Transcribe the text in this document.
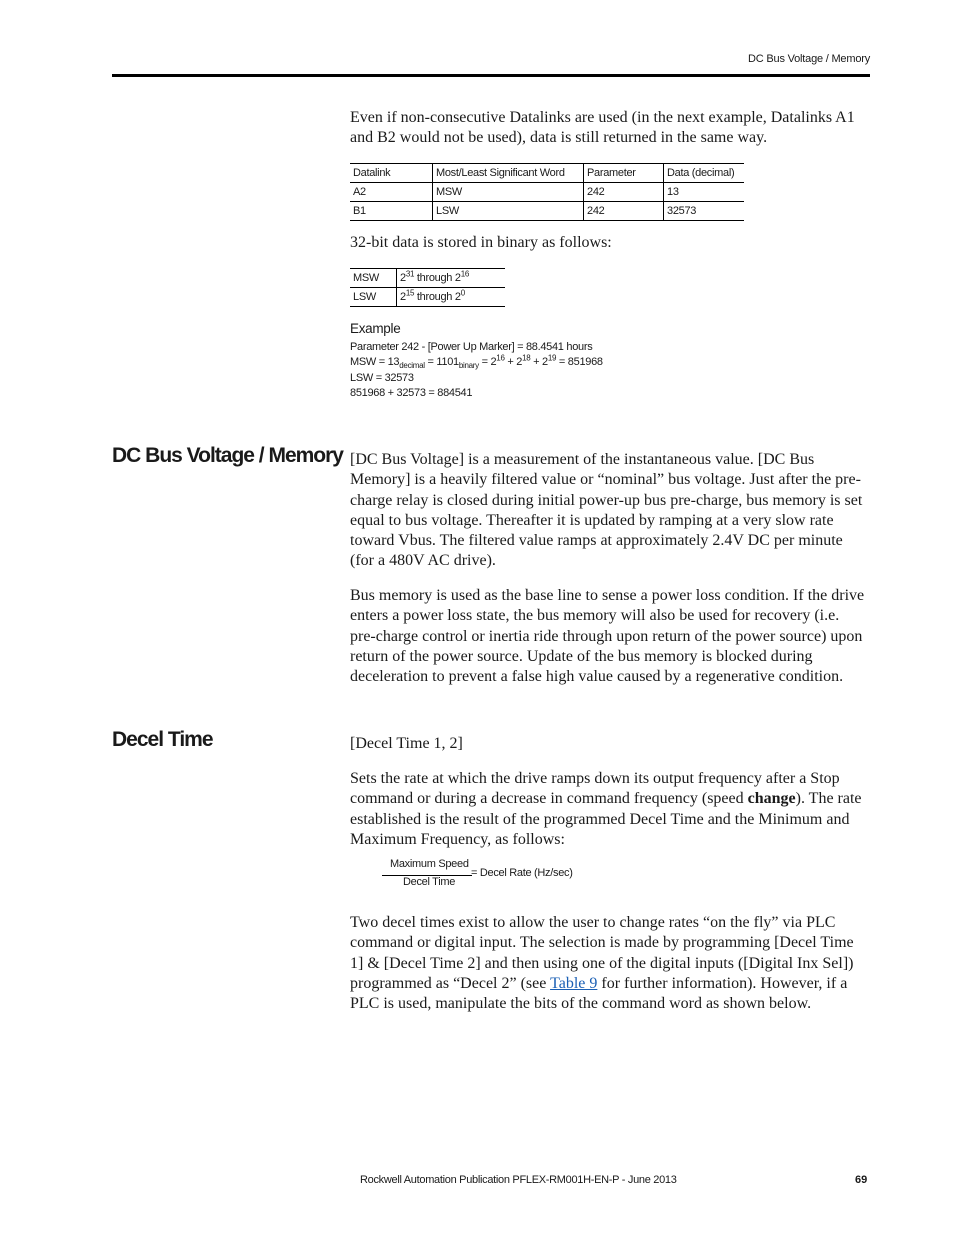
DC Bus Voltage / Memory

Even if non-consecutive Datalinks are used (in the next example, Datalinks A1 and B2 would not be used), data is still returned in the same way.

Datalink	Most/Least Significant Word	Parameter	Data (decimal)
A2	MSW	242	13
B1	LSW	242	32573

32-bit data is stored in binary as follows:

MSW	$2^{31}$ through $2^{16}$
LSW	$2^{15}$ through $2^0$
Example
Parameter 242 - [Power Up Marker] = 88.4541 hours
MSW = $13_{decimal} = 1101_{binary} = 2^{16} + 2^{18} + 2^{19} = 851968$
LSW = 32573
851968 + 32573 = 884541
DC Bus Voltage / Memory [DC Bus Voltage] is a measurement of the instantaneous value. [DC Bus Memory] is a heavily filtered value or “nominal” bus voltage. Just after the pre-charge relay is closed during initial power-up bus pre-charge, bus memory is set equal to bus voltage. Thereafter it is updated by ramping at a very slow rate toward Vbus. The filtered value ramps at approximately 2.4V DC per minute (for a 480V AC drive).

Bus memory is used as the base line to sense a power loss condition. If the drive enters a power loss state, the bus memory will also be used for recovery (i.e. pre-charge control or inertia ride through upon return of the power source) upon return of the power source. Update of the bus memory is blocked during deceleration to prevent a false high value caused by a regenerative condition.

Decel Time	[Decel Time 1, 2]

Sets the rate at which the drive ramps down its output frequency after a Stop command or during a decrease in command frequency (speed change). The rate established is the result of the programmed Decel Time and the Minimum and Maximum Frequency, as follows:

Maximum Speed
Decel Time
= Decel Rate (Hz/sec)

Two decel times exist to allow the user to change rates “on the fly” via PLC command or digital input. The selection is made by programming [Decel Time 1] & [Decel Time 2] and then using one of the digital inputs ([Digital Inx Sel]) programmed as “Decel 2” (see Table 9 for further information). However, if a PLC is used, manipulate the bits of the command word as shown below.

Rockwell Automation Publication PFLEX-RM001H-EN-P - June 2013	69
